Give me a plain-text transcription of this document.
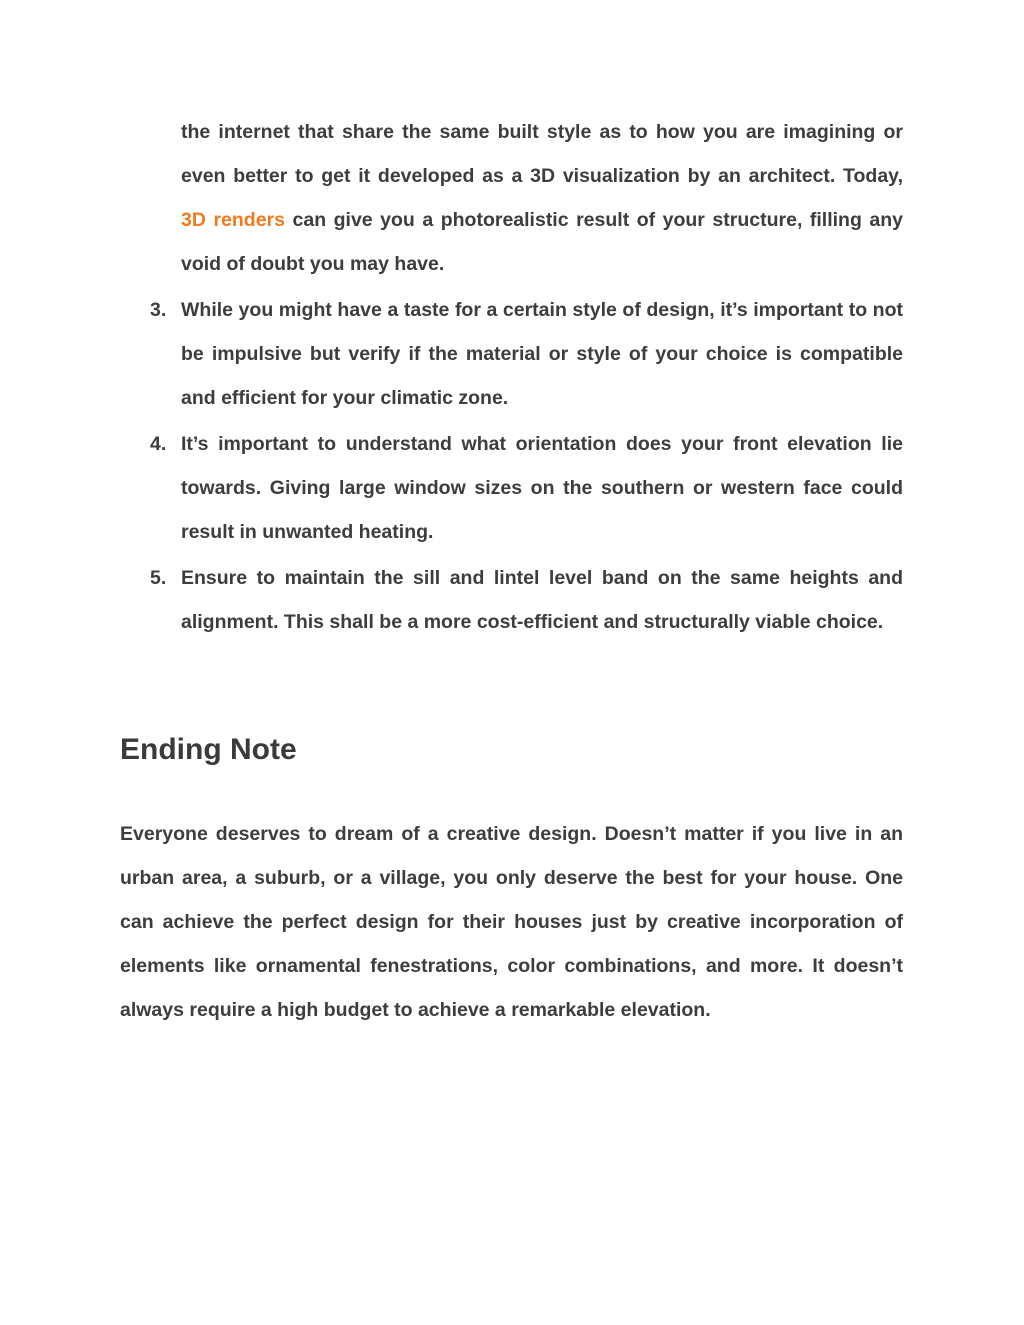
the internet that share the same built style as to how you are imagining or even better to get it developed as a 3D visualization by an architect. Today, 3D renders can give you a photorealistic result of your structure, filling any void of doubt you may have.

3. While you might have a taste for a certain style of design, it’s important to not be impulsive but verify if the material or style of your choice is compatible and efficient for your climatic zone.

4. It’s important to understand what orientation does your front elevation lie towards. Giving large window sizes on the southern or western face could result in unwanted heating.

5. Ensure to maintain the sill and lintel level band on the same heights and alignment. This shall be a more cost-efficient and structurally viable choice.

Ending Note

Everyone deserves to dream of a creative design. Doesn’t matter if you live in an urban area, a suburb, or a village, you only deserve the best for your house. One can achieve the perfect design for their houses just by creative incorporation of elements like ornamental fenestrations, color combinations, and more. It doesn’t always require a high budget to achieve a remarkable elevation.
